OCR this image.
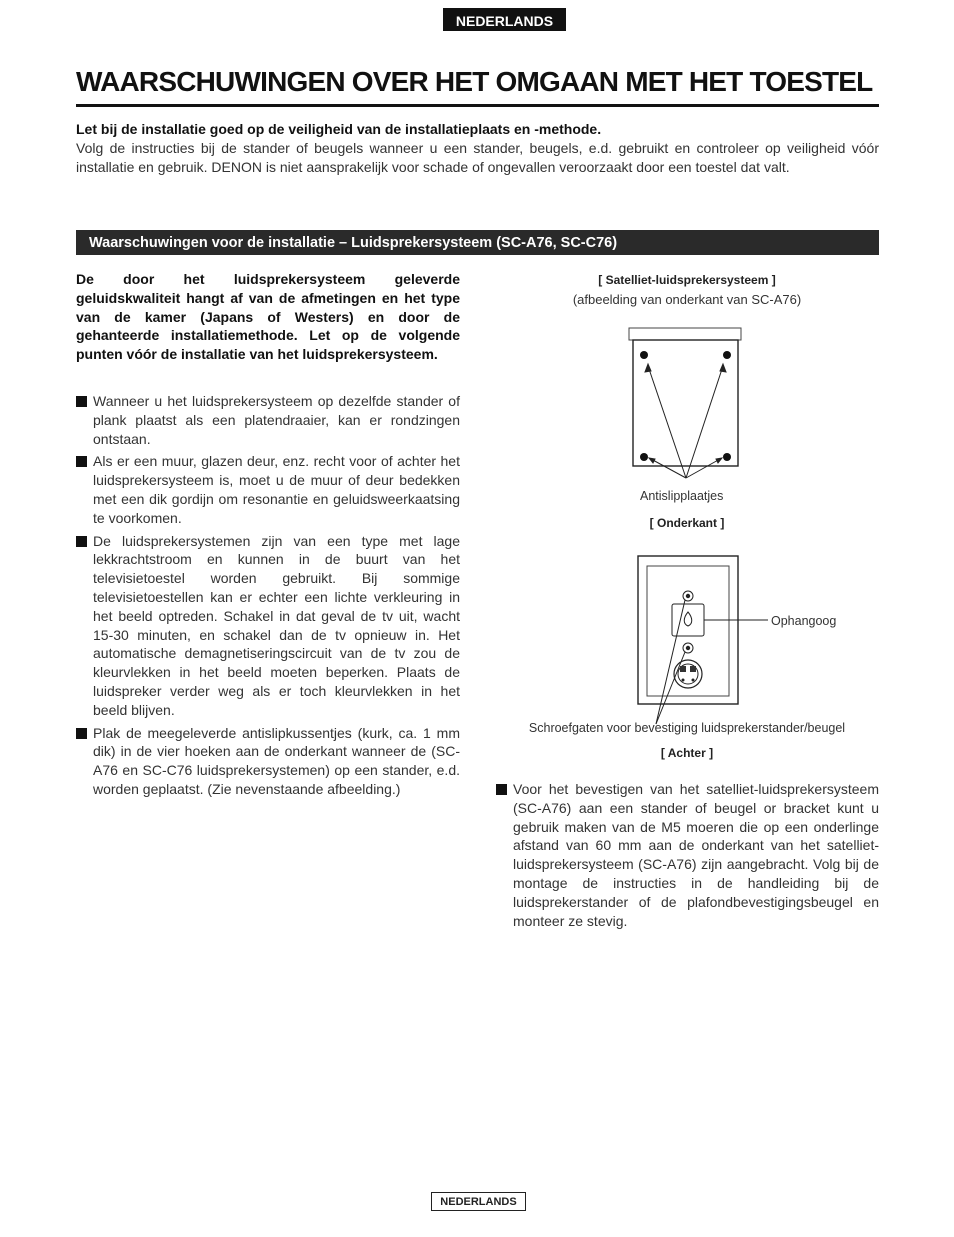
NEDERLANDS
WAARSCHUWINGEN OVER HET OMGAAN MET HET TOESTEL
Let bij de installatie goed op de veiligheid van de installatieplaats en -methode.
Volg de instructies bij de stander of beugels wanneer u een stander, beugels, e.d. gebruikt en controleer op veiligheid vóór installatie en gebruik. DENON is niet aansprakelijk voor schade of ongevallen veroorzaakt door een toestel dat valt.
Waarschuwingen voor de installatie – Luidsprekersysteem (SC-A76, SC-C76)
De door het luidsprekersysteem geleverde geluidskwaliteit hangt af van de afmetingen en het type van de kamer (Japans of Westers) en door de gehanteerde installatiemethode. Let op de volgende punten vóór de installatie van het luidsprekersysteem.
Wanneer u het luidsprekersysteem op dezelfde stander of plank plaatst als een platendraaier, kan er rondzingen ontstaan.
Als er een muur, glazen deur, enz. recht voor of achter het luidsprekersysteem is, moet u de muur of deur bedekken met een dik gordijn om resonantie en geluidsweerkaatsing te voorkomen.
De luidsprekersystemen zijn van een type met lage lekkrachtstroom en kunnen in de buurt van het televisietoestel worden gebruikt. Bij sommige televisietoestellen kan er echter een lichte verkleuring in het beeld optreden. Schakel in dat geval de tv uit, wacht 15-30 minuten, en schakel dan de tv opnieuw in. Het automatische demagnetiseringscircuit van de tv zou de kleurvlekken in het beeld moeten beperken. Plaats de luidspreker verder weg als er toch kleurvlekken in het beeld blijven.
Plak de meegeleverde antislipkussentjes (kurk, ca. 1 mm dik) in de vier hoeken aan de onderkant wanneer de (SC-A76 en SC-C76 luidsprekersystemen) op een stander, e.d. worden geplaatst. (Zie nevenstaande afbeelding.)
[ Satelliet-luidsprekersysteem ]
(afbeelding van onderkant van SC-A76)
Antislipplaatjes
[ Onderkant ]
Ophangoog
Schroefgaten voor bevestiging luidsprekerstander/beugel
[ Achter ]
Voor het bevestigen van het satelliet-luidsprekersysteem (SC-A76) aan een stander of beugel or bracket kunt u gebruik maken van de M5 moeren die op een onderlinge afstand van 60 mm aan de onderkant van het satelliet-luidsprekersysteem (SC-A76) zijn aangebracht. Volg bij de montage de instructies in de handleiding bij de luidsprekerstander of de plafondbevestigingsbeugel en monteer ze stevig.
NEDERLANDS
